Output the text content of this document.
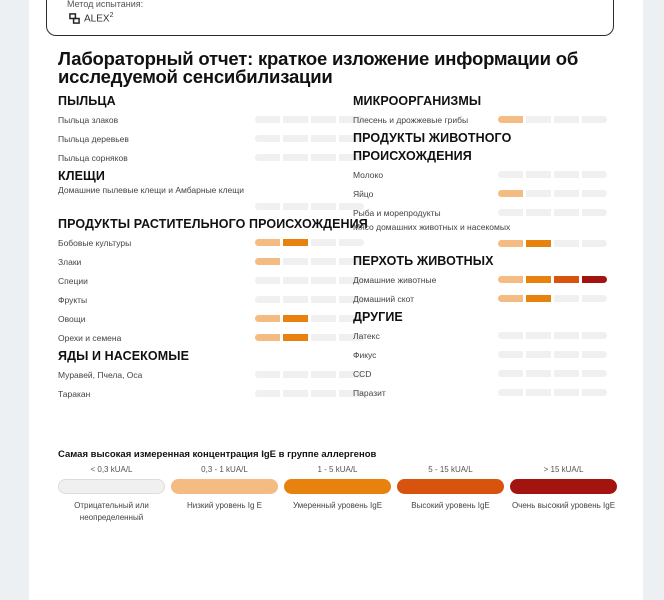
Метод испытания:
ALEX$^2$
Лабораторный отчет: краткое изложение информации об исследуемой сенсибилизации
ПЫЛЬЦА
Пыльца злаков
Пыльца деревьев
Пыльца сорняков
КЛЕЩИ
Домашние пылевые клещи и Амбарные клещи
ПРОДУКТЫ РАСТИТЕЛЬНОГО ПРОИСХОЖДЕНИЯ
Бобовые культуры
Злаки
Специи
Фрукты
Овощи
Орехи и семена
ЯДЫ И НАСЕКОМЫЕ
Муравей, Пчела, Оса
Таракан
МИКРООРГАНИЗМЫ
Плесень и дрожжевые грибы
ПРОДУКТЫ ЖИВОТНОГО ПРОИСХОЖДЕНИЯ
Молоко
Яйцо
Рыба и морепродукты
Мясо домашних животных и насекомых
ПЕРХОТЬ ЖИВОТНЫХ
Домашние животные
Домашний скот
ДРУГИЕ
Латекс
Фикус
CCD
Паразит
Самая высокая измеренная концентрация IgE в группе аллергенов
< 0,3 kUA/L
Отрицательный или неопределенный
0,3 - 1 kUA/L
Низкий уровень Ig E
1 - 5 kUA/L
Умеренный уровень IgE
5 - 15 kUA/L
Высокий уровень IgE
> 15 kUA/L
Очень высокий уровень IgE
